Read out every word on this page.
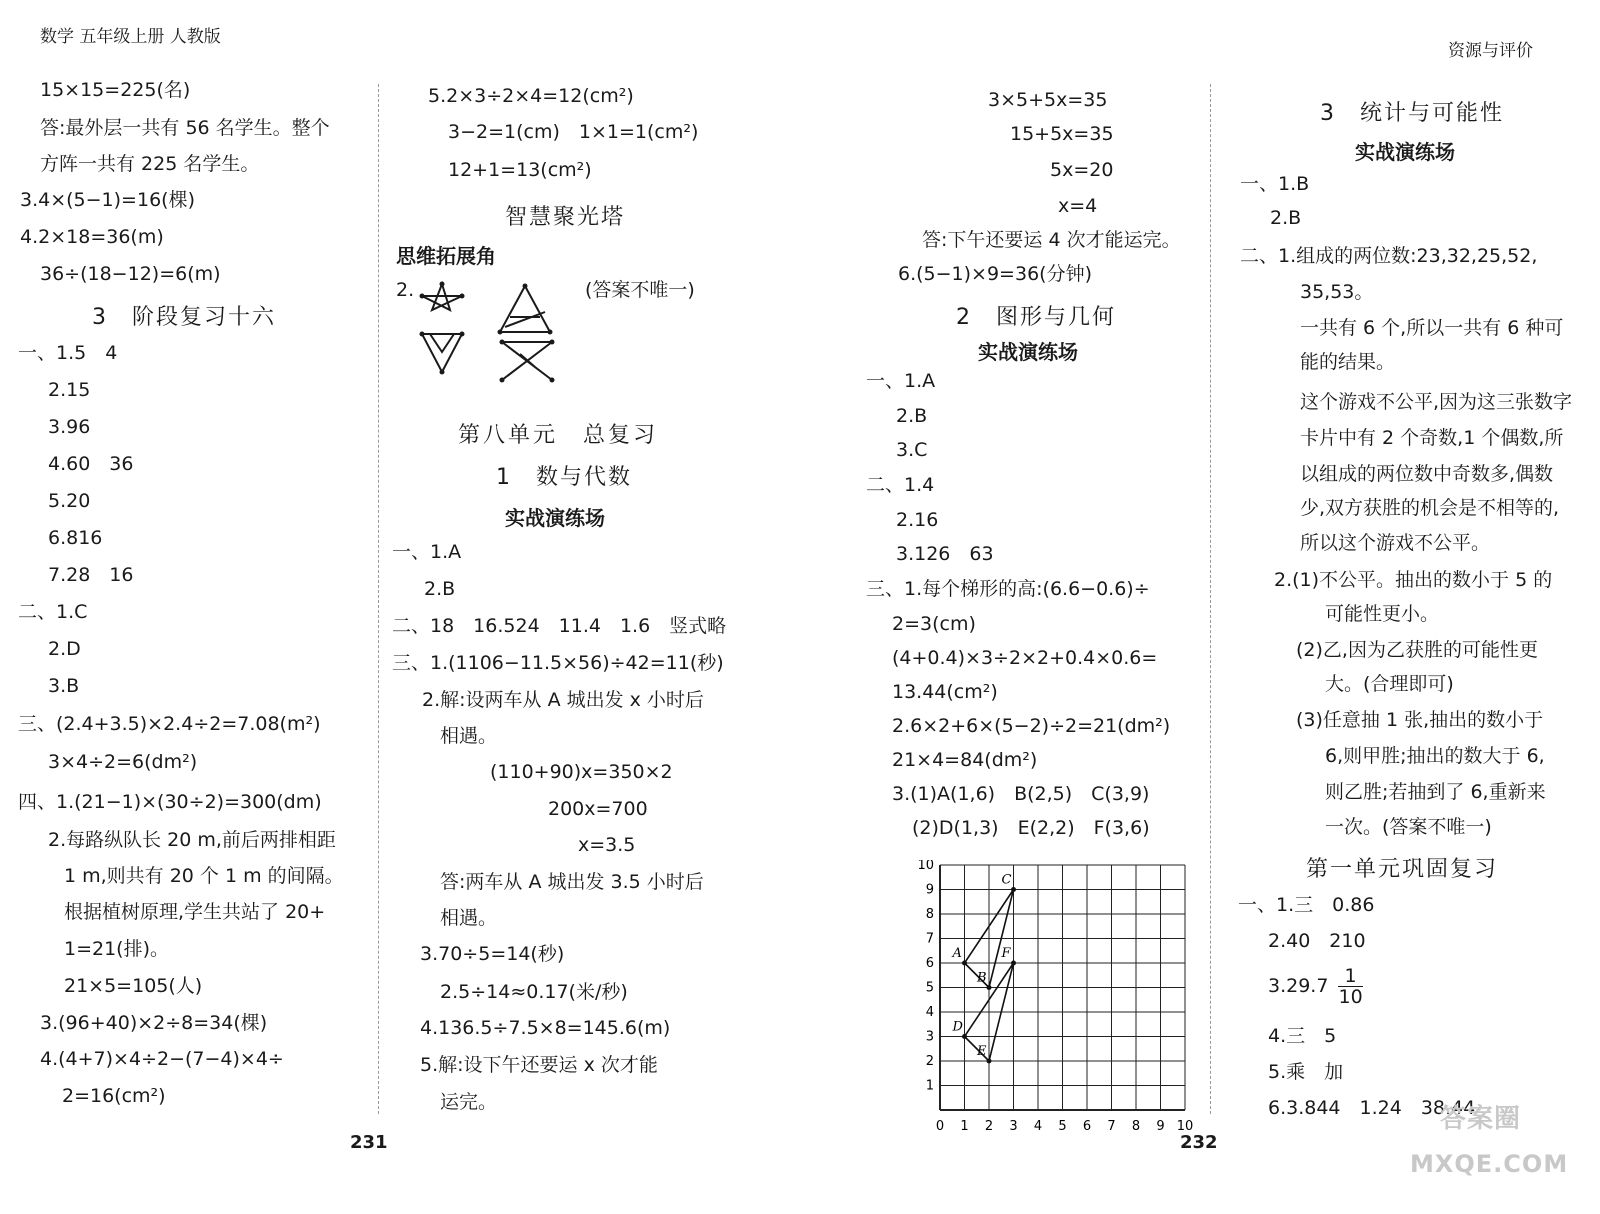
数学 五年级上册 人教版
资源与评价
15×15=225(名)
答:最外层一共有 56 名学生。整个
方阵一共有 225 名学生。
3.4×(5−1)=16(棵)
4.2×18=36(m)
36÷(18−12)=6(m)
3　阶段复习十六
一、1.5　4
2.15
3.96
4.60　36
5.20
6.816
7.28　16
二、1.C
2.D
3.B
三、(2.4+3.5)×2.4÷2=7.08(m²)
3×4÷2=6(dm²)
四、1.(21−1)×(30÷2)=300(dm)
2.每路纵队长 20 m,前后两排相距
1 m,则共有 20 个 1 m 的间隔。
根据植树原理,学生共站了 20+
1=21(排)。
21×5=105(人)
3.(96+40)×2÷8=34(棵)
4.(4+7)×4÷2−(7−4)×4÷
2=16(cm²)
5.2×3÷2×4=12(cm²)
3−2=1(cm)　1×1=1(cm²)
12+1=13(cm²)
智慧聚光塔
思维拓展角
2.	(答案不唯一)
第八单元　总复习
1　数与代数
实战演练场
一、1.A
2.B
二、18　16.524　11.4　1.6　竖式略
三、1.(1106−11.5×56)÷42=11(秒)
2.解:设两车从 A 城出发 x 小时后
相遇。
(110+90)x=350×2
200x=700
x=3.5
答:两车从 A 城出发 3.5 小时后
相遇。
3.70÷5=14(秒)
2.5÷14≈0.17(米/秒)
4.136.5÷7.5×8=145.6(m)
5.解:设下午还要运 x 次才能
运完。
3×5+5x=35
15+5x=35
5x=20
x=4
答:下午还要运 4 次才能运完。
6.(5−1)×9=36(分钟)
2　图形与几何
实战演练场
一、1.A
2.B
3.C
二、1.4
2.16
3.126　63
三、1.每个梯形的高:(6.6−0.6)÷
2=3(cm)
(4+0.4)×3÷2×2+0.4×0.6=
13.44(cm²)
2.6×2+6×(5−2)÷2=21(dm²)
21×4=84(dm²)
3.(1)A(1,6)　B(2,5)　C(3,9)
(2)D(1,3)　E(2,2)　F(3,6)
0 1 2 3 4 5 6 7 8 9 10
1
2
3
4
5
6
7
8
9
10
A
B
C
D
E
F
3　统计与可能性
实战演练场
一、1.B
2.B
二、1.组成的两位数:23,32,25,52,
35,53。
一共有 6 个,所以一共有 6 种可
能的结果。
这个游戏不公平,因为这三张数字
卡片中有 2 个奇数,1 个偶数,所
以组成的两位数中奇数多,偶数
少,双方获胜的机会是不相等的,
所以这个游戏不公平。
2.(1)不公平。抽出的数小于 5 的
可能性更小。
(2)乙,因为乙获胜的可能性更
大。(合理即可)
(3)任意抽 1 张,抽出的数小于
6,则甲胜;抽出的数大于 6,
则乙胜;若抽到了 6,重新来
一次。(答案不唯一)
第一单元巩固复习
一、1.三　0.86
2.40　210
$3.29.7 \frac{1}{10}$
4.三　5
5.乘　加
6.3.844　1.24　38.44
231	232
答案圈
MXQE.COM
